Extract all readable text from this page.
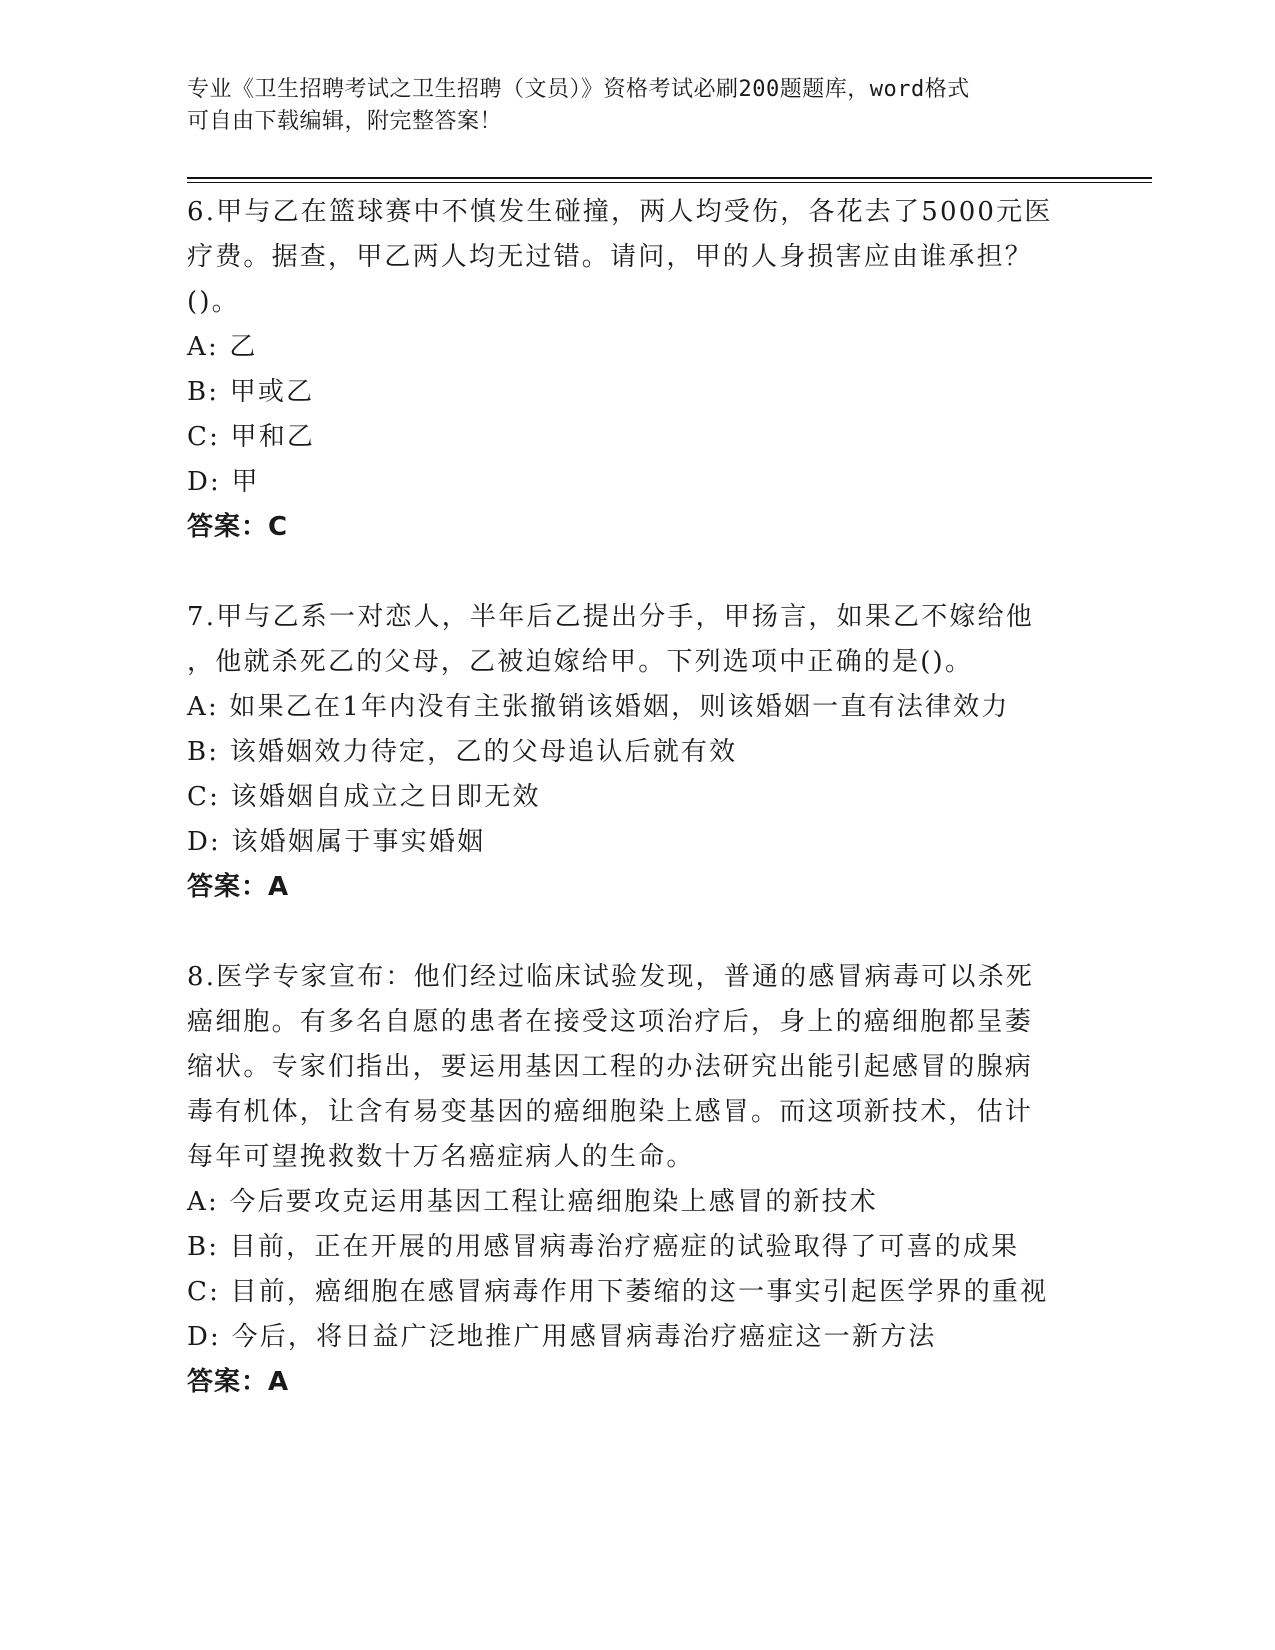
专业《卫生招聘考试之卫生招聘（文员）》资格考试必刷200题题库，word格式
可自由下载编辑，附完整答案！
6.甲与乙在篮球赛中不慎发生碰撞，两人均受伤，各花去了5000元医
疗费。据查，甲乙两人均无过错。请问，甲的人身损害应由谁承担？
()。
A: 乙
B: 甲或乙
C: 甲和乙
D: 甲
答案：C
7.甲与乙系一对恋人，半年后乙提出分手，甲扬言，如果乙不嫁给他
，他就杀死乙的父母，乙被迫嫁给甲。下列选项中正确的是()。
A: 如果乙在1年内没有主张撤销该婚姻，则该婚姻一直有法律效力
B: 该婚姻效力待定，乙的父母追认后就有效
C: 该婚姻自成立之日即无效
D: 该婚姻属于事实婚姻
答案：A
8.医学专家宣布：他们经过临床试验发现，普通的感冒病毒可以杀死
癌细胞。有多名自愿的患者在接受这项治疗后，身上的癌细胞都呈萎
缩状。专家们指出，要运用基因工程的办法研究出能引起感冒的腺病
毒有机体，让含有易变基因的癌细胞染上感冒。而这项新技术，估计
每年可望挽救数十万名癌症病人的生命。
A: 今后要攻克运用基因工程让癌细胞染上感冒的新技术
B: 目前，正在开展的用感冒病毒治疗癌症的试验取得了可喜的成果
C: 目前，癌细胞在感冒病毒作用下萎缩的这一事实引起医学界的重视
D: 今后，将日益广泛地推广用感冒病毒治疗癌症这一新方法
答案：A
